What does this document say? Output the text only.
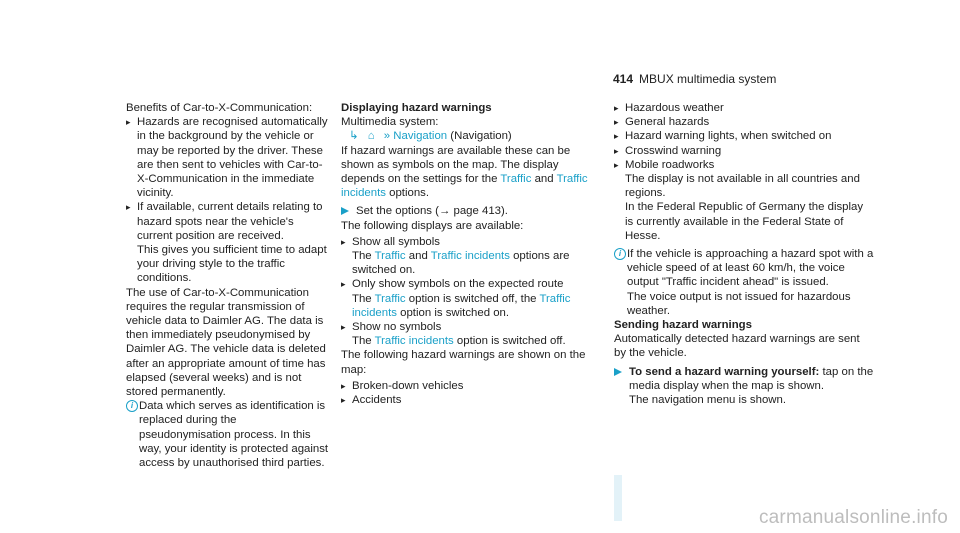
414 MBUX multimedia system

Benefits of Car-to-X-Communication:

▸ Hazards are recognised automatically in the background by the vehicle or may be reported by the driver. These are then sent to vehicles with Car-to-X-Communication in the immediate vicinity.

▸ If available, current details relating to hazard spots near the vehicle's current position are received.

This gives you sufficient time to adapt your driving style to the traffic conditions.

The use of Car-to-X-Communication requires the regular transmission of vehicle data to Daimler AG. The data is then immediately pseudonymised by Daimler AG. The vehicle data is deleted after an appropriate amount of time has elapsed (several weeks) and is not stored permanently.

i Data which serves as identification is replaced during the pseudonymisation process. In this way, your identity is protected against access by unauthorised third parties.

Displaying hazard warnings

Multimedia system:

↳ ⌂ » Navigation (Navigation)

If hazard warnings are available these can be shown as symbols on the map. The display depends on the settings for the Traffic and Traffic incidents options.

Set the options (→ page 413).

The following displays are available:

▸ Show all symbols

The Traffic and Traffic incidents options are switched on.

▸ Only show symbols on the expected route

The Traffic option is switched off, the Traffic incidents option is switched on.

▸ Show no symbols

The Traffic incidents option is switched off.

The following hazard warnings are shown on the map:

▸ Broken-down vehicles

▸ Accidents

▸ Hazardous weather

▸ General hazards

▸ Hazard warning lights, when switched on

▸ Crosswind warning

▸ Mobile roadworks

The display is not available in all countries and regions.

In the Federal Republic of Germany the display is currently available in the Federal State of Hesse.

i If the vehicle is approaching a hazard spot with a vehicle speed of at least 60 km/h, the voice output "Traffic incident ahead" is issued.

The voice output is not issued for hazardous weather.

Sending hazard warnings

Automatically detected hazard warnings are sent by the vehicle.

To send a hazard warning yourself: tap on the media display when the map is shown.

The navigation menu is shown.

carmanualsonline.info
